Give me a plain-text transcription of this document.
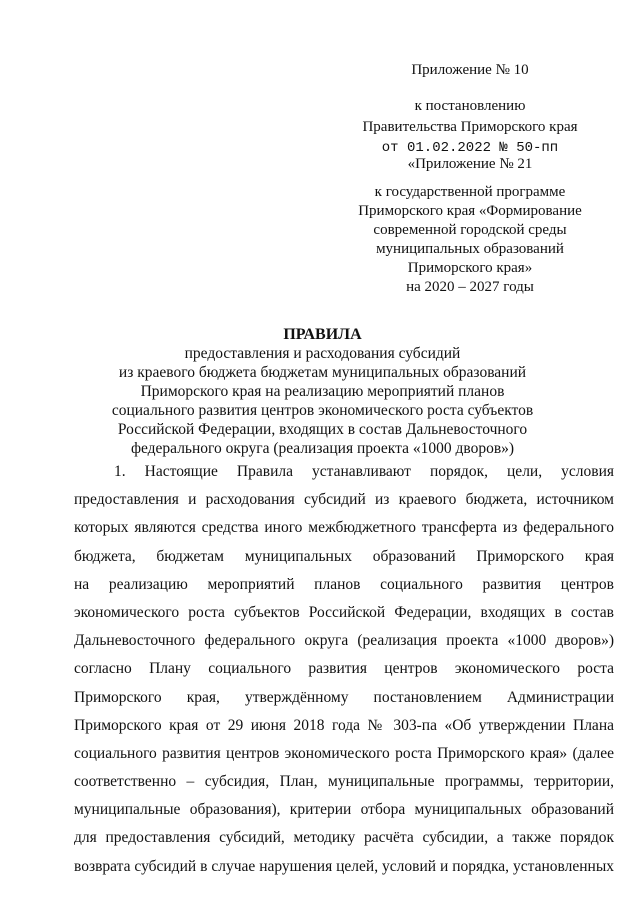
Приложение № 10
к постановлению
Правительства Приморского края
от 01.02.2022 № 50-пп
«Приложение № 21
к государственной программе
Приморского края «Формирование
современной городской среды
муниципальных образований
Приморского края»
на 2020 – 2027 годы
ПРАВИЛА
предоставления и расходования субсидий
из краевого бюджета бюджетам муниципальных образований
Приморского края на реализацию мероприятий планов
социального развития центров экономического роста субъектов
Российской Федерации, входящих в состав Дальневосточного
федерального округа (реализация проекта «1000 дворов»)
1. Настоящие Правила устанавливают порядок, цели, условия
предоставления и расходования субсидий из краевого бюджета, источником
которых являются средства иного межбюджетного трансферта из федерального
бюджета, бюджетам муниципальных образований Приморского края
на реализацию мероприятий планов социального развития центров
экономического роста субъектов Российской Федерации, входящих в состав
Дальневосточного федерального округа (реализация проекта «1000 дворов»)
согласно Плану социального развития центров экономического роста
Приморского края, утверждённому постановлением Администрации
Приморского края от 29 июня 2018 года № 303-па «Об утверждении Плана
социального развития центров экономического роста Приморского края» (далее
соответственно – субсидия, План, муниципальные программы, территории,
муниципальные образования), критерии отбора муниципальных образований
для предоставления субсидий, методику расчёта субсидии, а также порядок
возврата субсидий в случае нарушения целей, условий и порядка, установленных
